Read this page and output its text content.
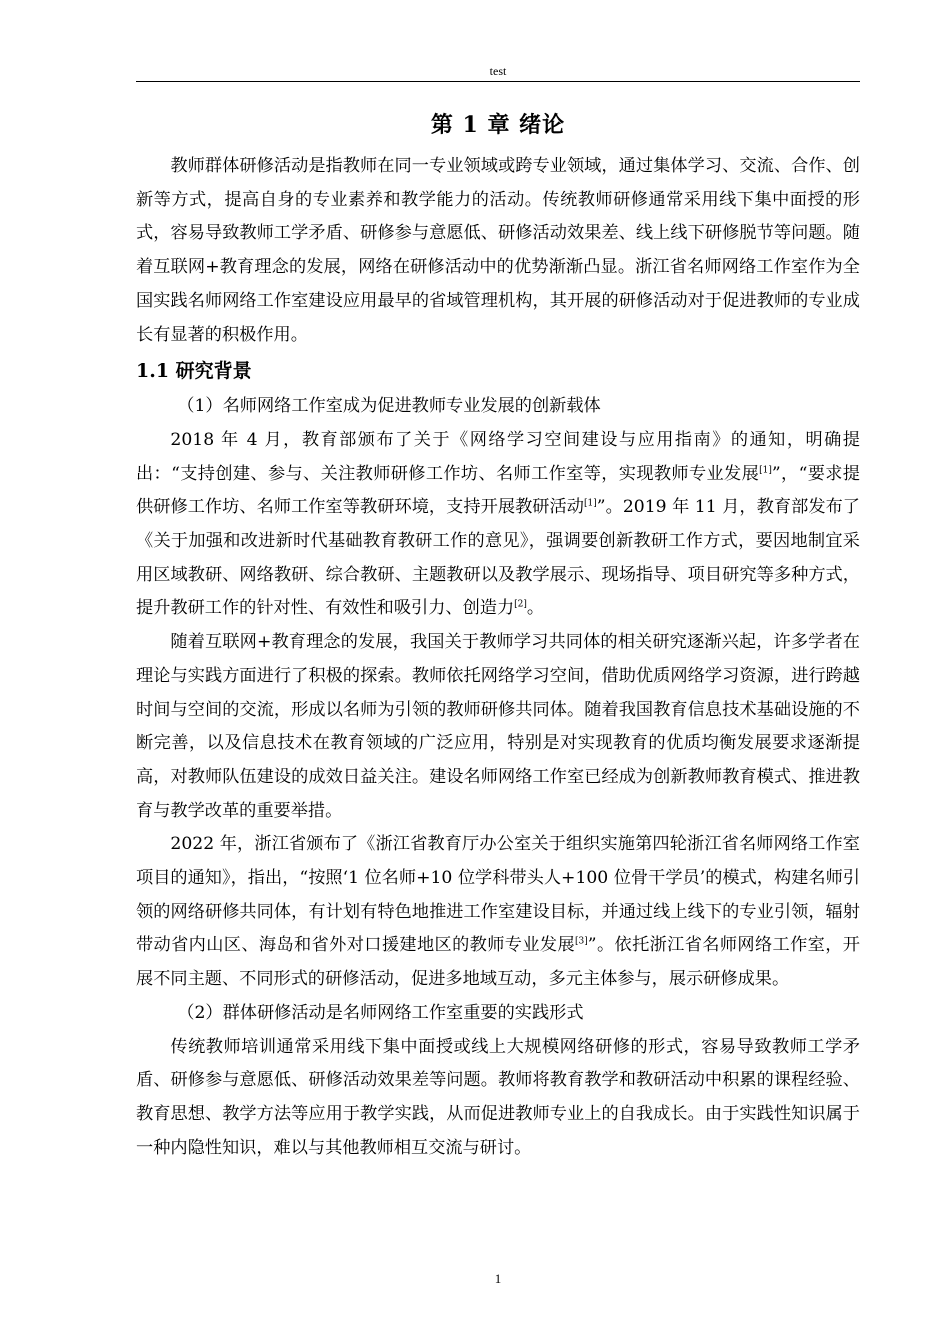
test
第 1 章 绪论

教师群体研修活动是指教师在同一专业领域或跨专业领域，通过集体学习、交流、合作、创新等方式，提高自身的专业素养和教学能力的活动。传统教师研修通常采用线下集中面授的形式，容易导致教师工学矛盾、研修参与意愿低、研修活动效果差、线上线下研修脱节等问题。随着互联网+教育理念的发展，网络在研修活动中的优势渐渐凸显。浙江省名师网络工作室作为全国实践名师网络工作室建设应用最早的省域管理机构，其开展的研修活动对于促进教师的专业成长有显著的积极作用。

1.1 研究背景

（1）名师网络工作室成为促进教师专业发展的创新载体

2018 年 4 月，教育部颁布了关于《网络学习空间建设与应用指南》的通知，明确提出：“支持创建、参与、关注教师研修工作坊、名师工作室等，实现教师专业发展[1]”，“要求提供研修工作坊、名师工作室等教研环境，支持开展教研活动[1]”。2019 年 11 月，教育部发布了《关于加强和改进新时代基础教育教研工作的意见》，强调要创新教研工作方式，要因地制宜采用区域教研、网络教研、综合教研、主题教研以及教学展示、现场指导、项目研究等多种方式，提升教研工作的针对性、有效性和吸引力、创造力[2]。

随着互联网+教育理念的发展，我国关于教师学习共同体的相关研究逐渐兴起，许多学者在理论与实践方面进行了积极的探索。教师依托网络学习空间，借助优质网络学习资源，进行跨越时间与空间的交流，形成以名师为引领的教师研修共同体。随着我国教育信息技术基础设施的不断完善，以及信息技术在教育领域的广泛应用，特别是对实现教育的优质均衡发展要求逐渐提高，对教师队伍建设的成效日益关注。建设名师网络工作室已经成为创新教师教育模式、推进教育与教学改革的重要举措。

2022 年，浙江省颁布了《浙江省教育厅办公室关于组织实施第四轮浙江省名师网络工作室项目的通知》，指出，“按照‘1 位名师+10 位学科带头人+100 位骨干学员’的模式，构建名师引领的网络研修共同体，有计划有特色地推进工作室建设目标，并通过线上线下的专业引领，辐射带动省内山区、海岛和省外对口援建地区的教师专业发展[3]”。依托浙江省名师网络工作室，开展不同主题、不同形式的研修活动，促进多地域互动，多元主体参与，展示研修成果。

（2）群体研修活动是名师网络工作室重要的实践形式

传统教师培训通常采用线下集中面授或线上大规模网络研修的形式，容易导致教师工学矛盾、研修参与意愿低、研修活动效果差等问题。教师将教育教学和教研活动中积累的课程经验、教育思想、教学方法等应用于教学实践，从而促进教师专业上的自我成长。由于实践性知识属于一种内隐性知识，难以与其他教师相互交流与研讨。

1
